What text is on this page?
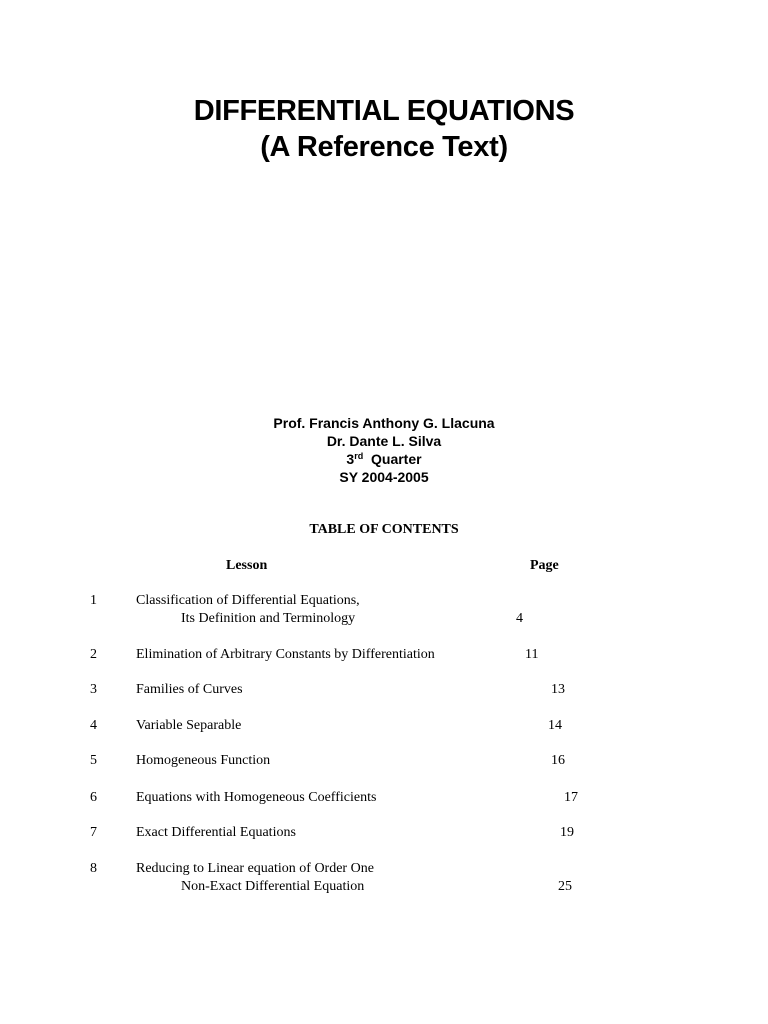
DIFFERENTIAL EQUATIONS
(A Reference Text)
Prof. Francis Anthony G. Llacuna
Dr. Dante L. Silva
3rd Quarter
SY 2004-2005
TABLE OF CONTENTS
Lesson	Page
1	Classification of Differential Equations,
Its Definition and Terminology	4
2	Elimination of Arbitrary Constants by Differentiation	11
3	Families of Curves	13
4	Variable Separable	14
5	Homogeneous Function	16
6	Equations with Homogeneous Coefficients	17
7	Exact Differential Equations	19
8	Reducing to Linear equation of Order One
Non-Exact Differential Equation	25
